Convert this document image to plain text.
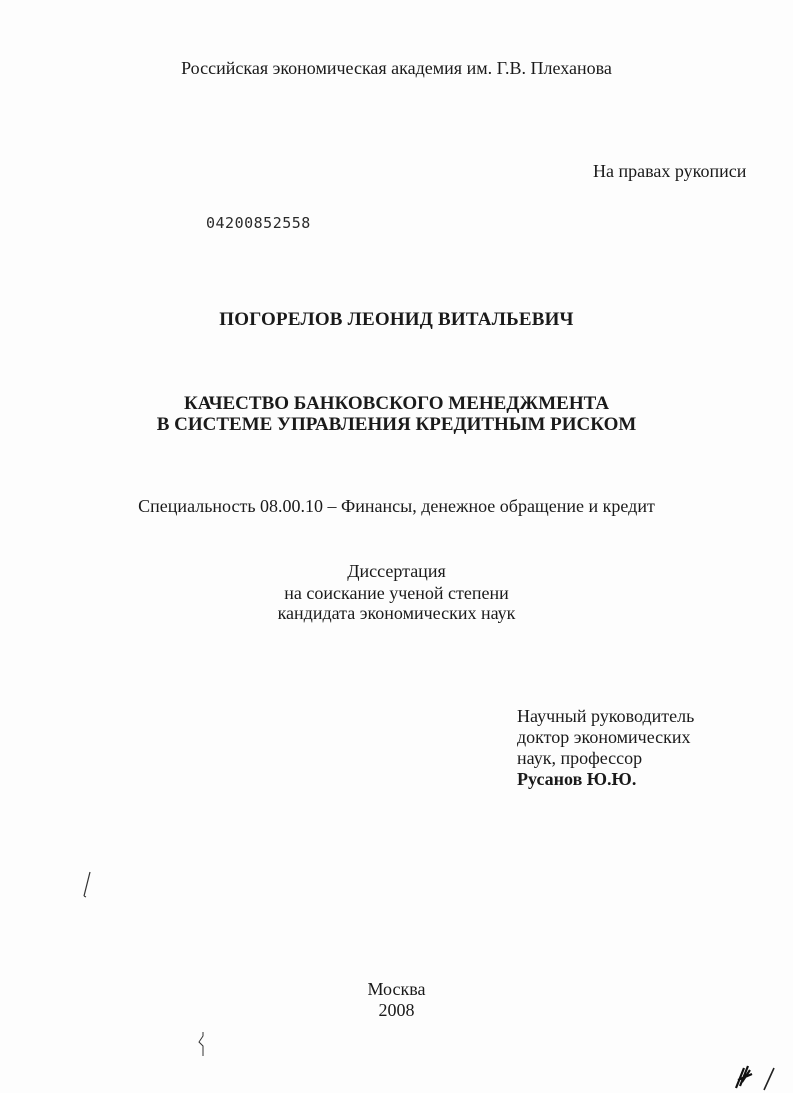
Российская экономическая академия им. Г.В. Плеханова
На правах рукописи
04200852558
ПОГОРЕЛОВ ЛЕОНИД ВИТАЛЬЕВИЧ
КАЧЕСТВО БАНКОВСКОГО МЕНЕДЖМЕНТА
В СИСТЕМЕ УПРАВЛЕНИЯ КРЕДИТНЫМ РИСКОМ
Специальность 08.00.10 – Финансы, денежное обращение и кредит
Диссертация
на соискание ученой степени
кандидата экономических наук
Научный руководитель
доктор экономических
наук, профессор
Русанов Ю.Ю.
Москва
2008
